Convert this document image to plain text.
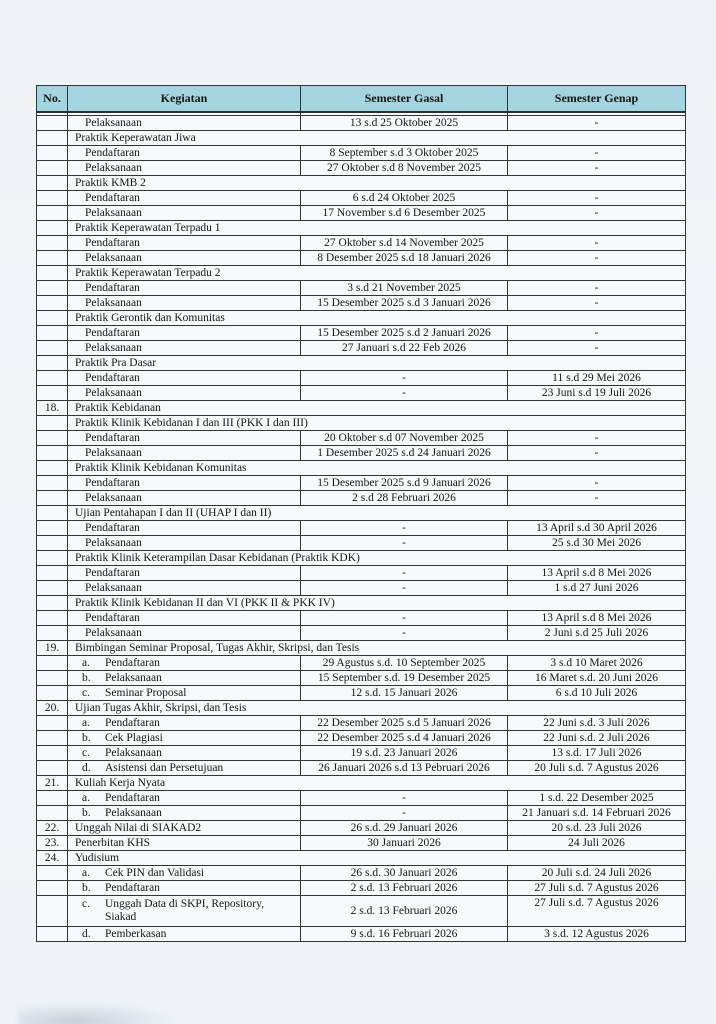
No.	Kegiatan	Semester Gasal	Semester Genap

	Pelaksanaan	13 s.d 25 Oktober 2025	-
	Praktik Keperawatan Jiwa		
	Pendaftaran	8 September s.d 3 Oktober 2025	-
	Pelaksanaan	27 Oktober s.d 8 November 2025	-
	Praktik KMB 2		
	Pendaftaran	6 s.d 24 Oktober 2025	-
	Pelaksanaan	17 November s.d 6 Desember 2025	-
	Praktik Keperawatan Terpadu 1		
	Pendaftaran	27 Oktober s.d 14 November 2025	-
	Pelaksanaan	8 Desember 2025 s.d 18 Januari 2026	-
	Praktik Keperawatan Terpadu 2		
	Pendaftaran	3 s.d 21 November 2025	-
	Pelaksanaan	15 Desember 2025 s.d 3 Januari 2026	-
	Praktik Gerontik dan Komunitas		
	Pendaftaran	15 Desember 2025 s.d 2 Januari 2026	-
	Pelaksanaan	27 Januari s.d 22 Feb 2026	-
	Praktik Pra Dasar		
	Pendaftaran	-	11 s.d 29 Mei 2026
	Pelaksanaan	-	23 Juni s.d 19 Juli 2026
18.	Praktik Kebidanan		
	Praktik Klinik Kebidanan I dan III (PKK I dan III)		
	Pendaftaran	20 Oktober s.d 07 November 2025	-
	Pelaksanaan	1 Desember 2025 s.d 24 Januari 2026	-
	Praktik Klinik Kebidanan Komunitas		
	Pendaftaran	15 Desember 2025 s.d 9 Januari 2026	-
	Pelaksanaan	2 s.d 28 Februari 2026	-
	Ujian Pentahapan I dan II (UHAP I dan II)		
	Pendaftaran	-	13 April s.d 30 April 2026
	Pelaksanaan	-	25 s.d 30 Mei 2026
	Praktik Klinik Keterampilan Dasar Kebidanan (Praktik KDK)		
	Pendaftaran	-	13 April s.d 8 Mei 2026
	Pelaksanaan	-	1 s.d 27 Juni 2026
	Praktik Klinik Kebidanan II dan VI (PKK II & PKK IV)		
	Pendaftaran	-	13 April s.d 8 Mei 2026
	Pelaksanaan	-	2 Juni s.d 25 Juli 2026
19.	Bimbingan Seminar Proposal, Tugas Akhir, Skripsi, dan Tesis		
	a. Pendaftaran	29 Agustus s.d. 10 September 2025	3 s.d 10 Maret 2026
	b. Pelaksanaan	15 September s.d. 19 Desember 2025	16 Maret s.d. 20 Juni 2026
	c. Seminar Proposal	12 s.d. 15 Januari 2026	6 s.d 10 Juli 2026
20.	Ujian Tugas Akhir, Skripsi, dan Tesis		
	a. Pendaftaran	22 Desember 2025 s.d 5 Januari 2026	22 Juni s.d. 3 Juli 2026
	b. Cek Plagiasi	22 Desember 2025 s.d 4 Januari 2026	22 Juni s.d. 2 Juli 2026
	c. Pelaksanaan	19 s.d. 23 Januari 2026	13 s.d. 17 Juli 2026
	d. Asistensi dan Persetujuan	26 Januari 2026 s.d 13 Pebruari 2026	20 Juli s.d. 7 Agustus 2026
21.	Kuliah Kerja Nyata		
	a. Pendaftaran	-	1 s.d. 22 Desember 2025
	b. Pelaksanaan	-	21 Januari s.d. 14 Februari 2026
22.	Unggah Nilai di SIAKAD2	26 s.d. 29 Januari 2026	20 s.d. 23 Juli 2026
23.	Penerbitan KHS	30 Januari 2026	24 Juli 2026
24.	Yudisium		
	a. Cek PIN dan Validasi	26 s.d. 30 Januari 2026	20 Juli s.d. 24 Juli 2026
	b. Pendaftaran	2 s.d. 13 Februari 2026	27 Juli s.d. 7 Agustus 2026
	c. Unggah Data di SKPI, Repository, Siakad	2 s.d. 13 Februari 2026	27 Juli s.d. 7 Agustus 2026
	d. Pemberkasan	9 s.d. 16 Februari 2026	3 s.d. 12 Agustus 2026
